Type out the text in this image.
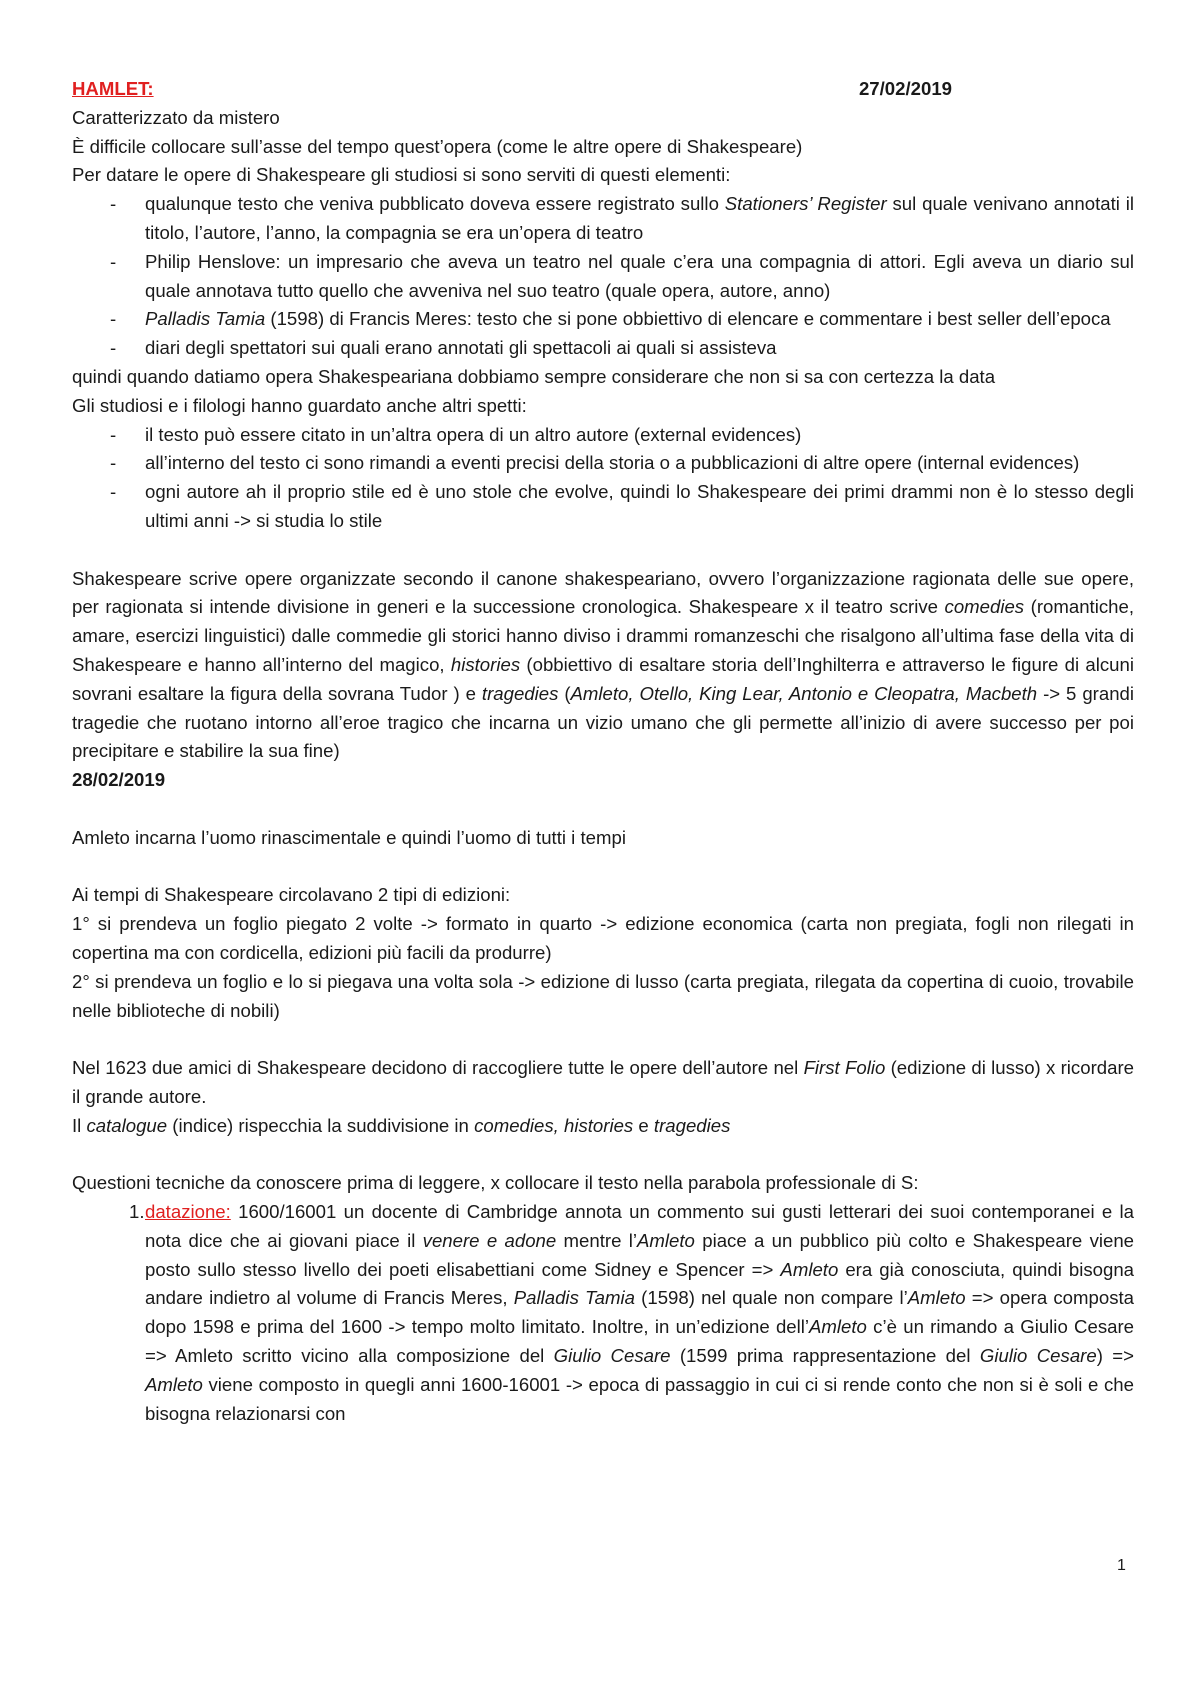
HAMLET:	27/02/2019
Caratterizzato da mistero
È difficile collocare sull’asse del tempo quest’opera (come le altre opere di Shakespeare)
Per datare le opere di Shakespeare gli studiosi si sono serviti di questi elementi:
- qualunque testo che veniva pubblicato doveva essere registrato sullo Stationers’ Register sul quale venivano annotati il titolo, l’autore, l’anno, la compagnia se era un’opera di teatro
- Philip Henslove: un impresario che aveva un teatro nel quale c’era una compagnia di attori. Egli aveva un diario sul quale annotava tutto quello che avveniva nel suo teatro (quale opera, autore, anno)
- Palladis Tamia (1598) di Francis Meres: testo che si pone obbiettivo di elencare e commentare i best seller dell’epoca
- diari degli spettatori sui quali erano annotati gli spettacoli ai quali si assisteva
quindi quando datiamo opera Shakespeariana dobbiamo sempre considerare che non si sa con certezza la data
Gli studiosi e i filologi hanno guardato anche altri spetti:
- il testo può essere citato in un’altra opera di un altro autore (external evidences)
- all’interno del testo ci sono rimandi a eventi precisi della storia o a pubblicazioni di altre opere (internal evidences)
- ogni autore ah il proprio stile ed è uno stole che evolve, quindi lo Shakespeare dei primi drammi non è lo stesso degli ultimi anni -> si studia lo stile
Shakespeare scrive opere organizzate secondo il canone shakespeariano, ovvero l’organizzazione ragionata delle sue opere, per ragionata si intende divisione in generi e la successione cronologica. Shakespeare x il teatro scrive comedies (romantiche, amare, esercizi linguistici) dalle commedie gli storici hanno diviso i drammi romanzeschi che risalgono all’ultima fase della vita di Shakespeare e hanno all’interno del magico, histories (obbiettivo di esaltare storia dell’Inghilterra e attraverso le figure di alcuni sovrani esaltare la figura della sovrana Tudor ) e tragedies (Amleto, Otello, King Lear, Antonio e Cleopatra, Macbeth -> 5 grandi tragedie che ruotano intorno all’eroe tragico che incarna un vizio umano che gli permette all’inizio di avere successo per poi precipitare e stabilire la sua fine)
28/02/2019
Amleto incarna l’uomo rinascimentale e quindi l’uomo di tutti i tempi
Ai tempi di Shakespeare circolavano 2 tipi di edizioni:
1° si prendeva un foglio piegato 2 volte -> formato in quarto -> edizione economica (carta non pregiata, fogli non rilegati in copertina ma con cordicella, edizioni più facili da produrre)
2° si prendeva un foglio e lo si piegava una volta sola -> edizione di lusso (carta pregiata, rilegata da copertina di cuoio, trovabile nelle biblioteche di nobili)
Nel 1623 due amici di Shakespeare decidono di raccogliere tutte le opere dell’autore nel First Folio (edizione di lusso) x ricordare il grande autore.
Il catalogue (indice) rispecchia la suddivisione in comedies, histories e tragedies
Questioni tecniche da conoscere prima di leggere, x collocare il testo nella parabola professionale di S:
1. datazione: 1600/16001 un docente di Cambridge annota un commento sui gusti letterari dei suoi contemporanei e la nota dice che ai giovani piace il venere e adone mentre l’Amleto piace a un pubblico più colto e Shakespeare viene posto sullo stesso livello dei poeti elisabettiani come Sidney e Spencer => Amleto era già conosciuta, quindi bisogna andare indietro al volume di Francis Meres, Palladis Tamia (1598) nel quale non compare l’Amleto => opera composta dopo 1598 e prima del 1600 -> tempo molto limitato. Inoltre, in un’edizione dell’Amleto c’è un rimando a Giulio Cesare => Amleto scritto vicino alla composizione del Giulio Cesare (1599 prima rappresentazione del Giulio Cesare) => Amleto viene composto in quegli anni 1600-16001 -> epoca di passaggio in cui ci si rende conto che non si è soli e che bisogna relazionarsi con
1
